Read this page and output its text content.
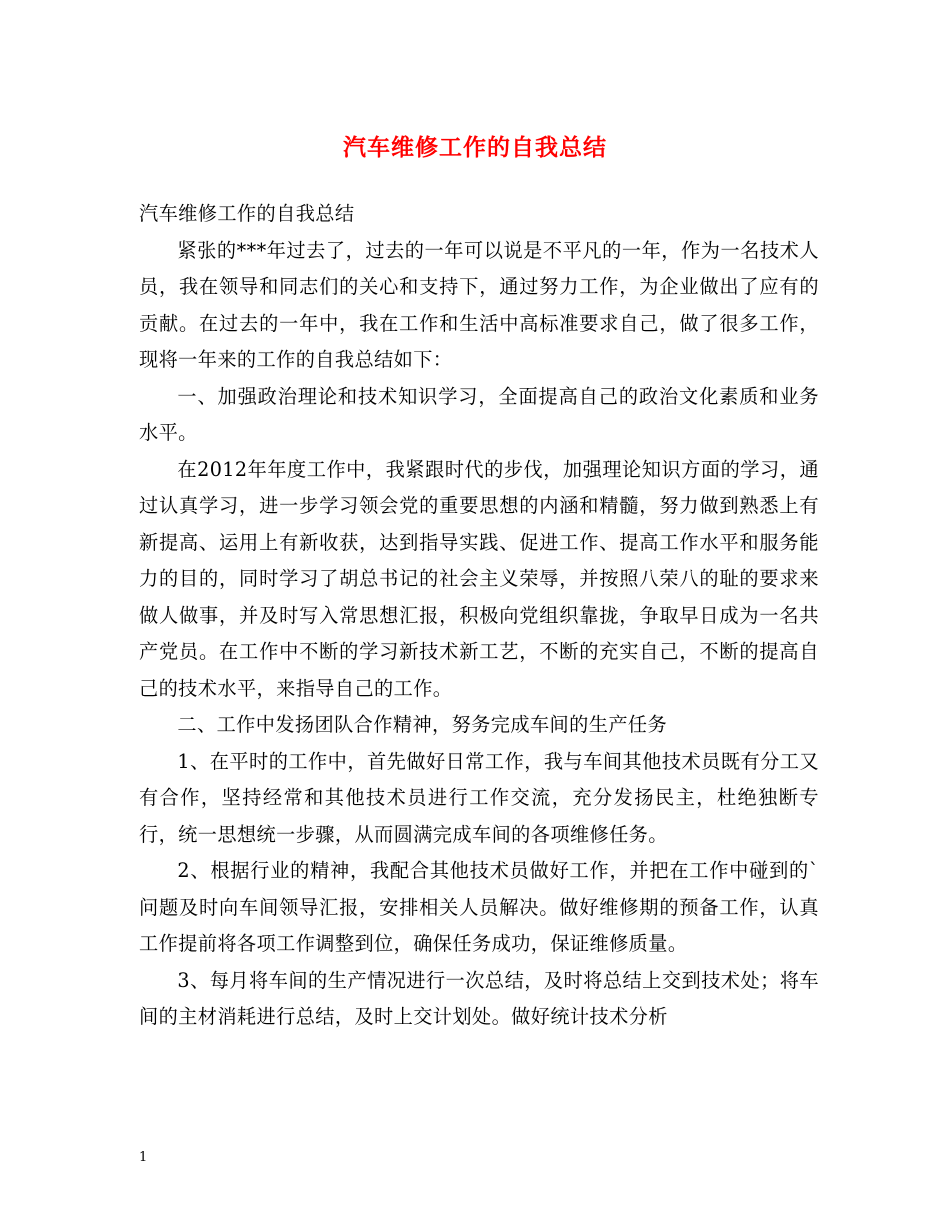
汽车维修工作的自我总结

汽车维修工作的自我总结

紧张的***年过去了，过去的一年可以说是不平凡的一年，作为一名技术人员，我在领导和同志们的关心和支持下，通过努力工作，为企业做出了应有的贡献。在过去的一年中，我在工作和生活中高标准要求自己，做了很多工作，现将一年来的工作的自我总结如下：

一、加强政治理论和技术知识学习，全面提高自己的政治文化素质和业务水平。

在2012年年度工作中，我紧跟时代的步伐，加强理论知识方面的学习，通过认真学习，进一步学习领会党的重要思想的内涵和精髓，努力做到熟悉上有新提高、运用上有新收获，达到指导实践、促进工作、提高工作水平和服务能力的目的，同时学习了胡总书记的社会主义荣辱，并按照八荣八的耻的要求来做人做事，并及时写入常思想汇报，积极向党组织靠拢，争取早日成为一名共产党员。在工作中不断的学习新技术新工艺，不断的充实自己，不断的提高自己的技术水平，来指导自己的工作。

二、工作中发扬团队合作精神，努务完成车间的生产任务

1、在平时的工作中，首先做好日常工作，我与车间其他技术员既有分工又有合作，坚持经常和其他技术员进行工作交流，充分发扬民主，杜绝独断专行，统一思想统一步骤，从而圆满完成车间的各项维修任务。

2、根据行业的精神，我配合其他技术员做好工作，并把在工作中碰到的`问题及时向车间领导汇报，安排相关人员解决。做好维修期的预备工作，认真工作提前将各项工作调整到位，确保任务成功，保证维修质量。

3、每月将车间的生产情况进行一次总结，及时将总结上交到技术处；将车间的主材消耗进行总结，及时上交计划处。做好统计技术分析

1
